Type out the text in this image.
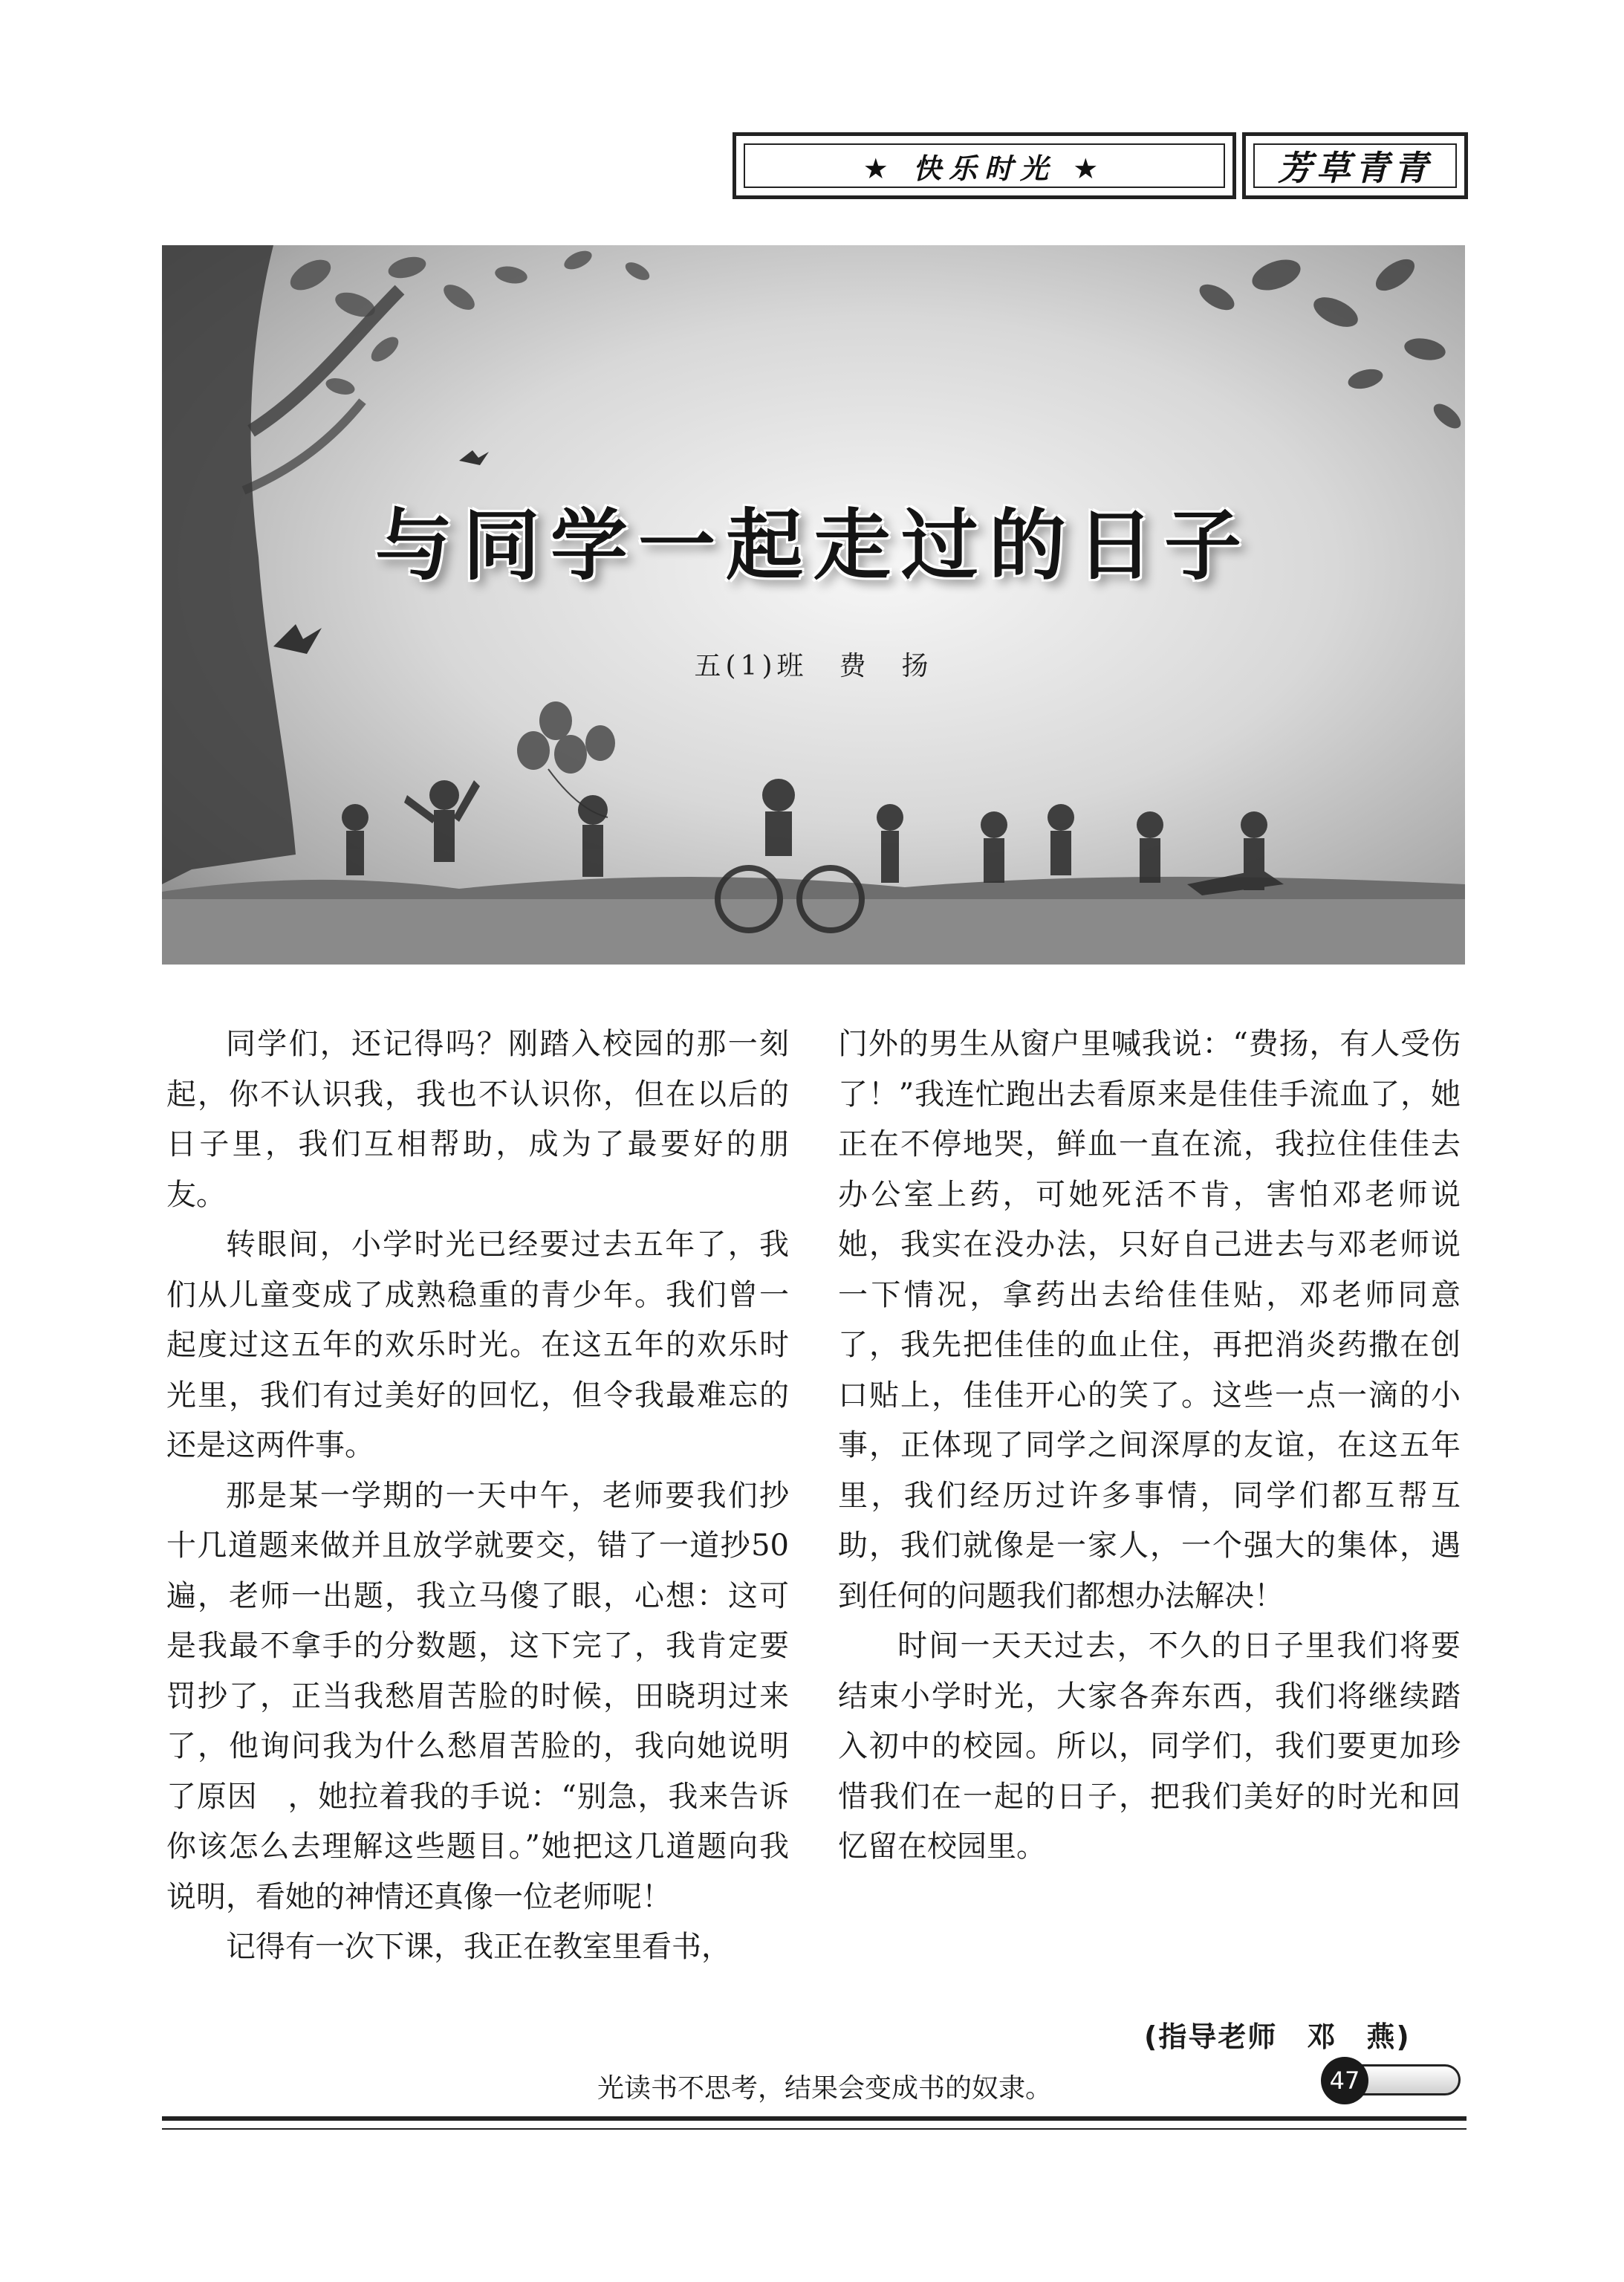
★ 快乐时光 ★	芳草青青
与同学一起走过的日子
五(1)班　费　扬

同学们，还记得吗？刚踏入校园的那一刻起，你不认识我，我也不认识你，但在以后的日子里，我们互相帮助，成为了最要好的朋友。

转眼间，小学时光已经要过去五年了，我们从儿童变成了成熟稳重的青少年。我们曾一起度过这五年的欢乐时光。在这五年的欢乐时光里，我们有过美好的回忆，但令我最难忘的还是这两件事。

那是某一学期的一天中午，老师要我们抄十几道题来做并且放学就要交，错了一道抄50遍，老师一出题，我立马傻了眼，心想：这可是我最不拿手的分数题，这下完了，我肯定要罚抄了，正当我愁眉苦脸的时候，田晓玥过来了，他询问我为什么愁眉苦脸的，我向她说明了原因　，她拉着我的手说：“别急，我来告诉你该怎么去理解这些题目。”她把这几道题向我说明，看她的神情还真像一位老师呢！

记得有一次下课，我正在教室里看书，

门外的男生从窗户里喊我说：“费扬，有人受伤了！”我连忙跑出去看原来是佳佳手流血了，她正在不停地哭，鲜血一直在流，我拉住佳佳去办公室上药，可她死活不肯，害怕邓老师说她，我实在没办法，只好自己进去与邓老师说一下情况，拿药出去给佳佳贴，邓老师同意了，我先把佳佳的血止住，再把消炎药撒在创口贴上，佳佳开心的笑了。这些一点一滴的小事，正体现了同学之间深厚的友谊，在这五年里，我们经历过许多事情，同学们都互帮互助，我们就像是一家人，一个强大的集体，遇到任何的问题我们都想办法解决！

时间一天天过去，不久的日子里我们将要结束小学时光，大家各奔东西，我们将继续踏入初中的校园。所以，同学们，我们要更加珍惜我们在一起的日子，把我们美好的时光和回忆留在校园里。

(指导老师　邓　燕)
光读书不思考，结果会变成书的奴隶。	47
